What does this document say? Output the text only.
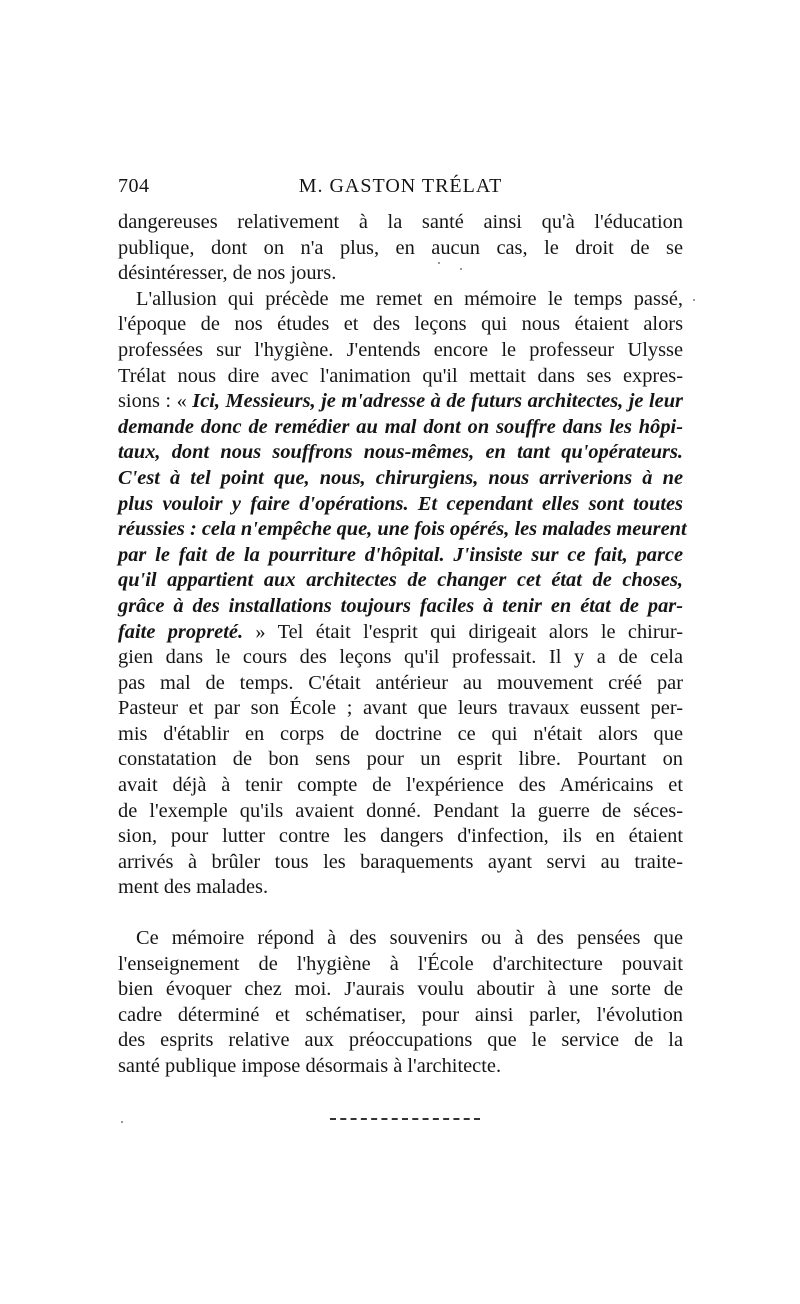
704	M. GASTON TRÉLAT
dangereuses relativement à la santé ainsi qu'à l'éducation
publique, dont on n'a plus, en aucun cas, le droit de se
désintéresser, de nos jours.
L'allusion qui précède me remet en mémoire le temps passé,
l'époque de nos études et des leçons qui nous étaient alors
professées sur l'hygiène. J'entends encore le professeur Ulysse
Trélat nous dire avec l'animation qu'il mettait dans ses expres-
sions : « Ici, Messieurs, je m'adresse à de futurs architectes, je leur
demande donc de remédier au mal dont on souffre dans les hôpi-
taux, dont nous souffrons nous-mêmes, en tant qu'opérateurs.
C'est à tel point que, nous, chirurgiens, nous arriverions à ne
plus vouloir y faire d'opérations. Et cependant elles sont toutes
réussies : cela n'empêche que, une fois opérés, les malades meurent
par le fait de la pourriture d'hôpital. J'insiste sur ce fait, parce
qu'il appartient aux architectes de changer cet état de choses,
grâce à des installations toujours faciles à tenir en état de par-
faite propreté. » Tel était l'esprit qui dirigeait alors le chirur-
gien dans le cours des leçons qu'il professait. Il y a de cela
pas mal de temps. C'était antérieur au mouvement créé par
Pasteur et par son École ; avant que leurs travaux eussent per-
mis d'établir en corps de doctrine ce qui n'était alors que
constatation de bon sens pour un esprit libre. Pourtant on
avait déjà à tenir compte de l'expérience des Américains et
de l'exemple qu'ils avaient donné. Pendant la guerre de séces-
sion, pour lutter contre les dangers d'infection, ils en étaient
arrivés à brûler tous les baraquements ayant servi au traite-
ment des malades.
Ce mémoire répond à des souvenirs ou à des pensées que
l'enseignement de l'hygiène à l'École d'architecture pouvait
bien évoquer chez moi. J'aurais voulu aboutir à une sorte de
cadre déterminé et schématiser, pour ainsi parler, l'évolution
des esprits relative aux préoccupations que le service de la
santé publique impose désormais à l'architecte.
